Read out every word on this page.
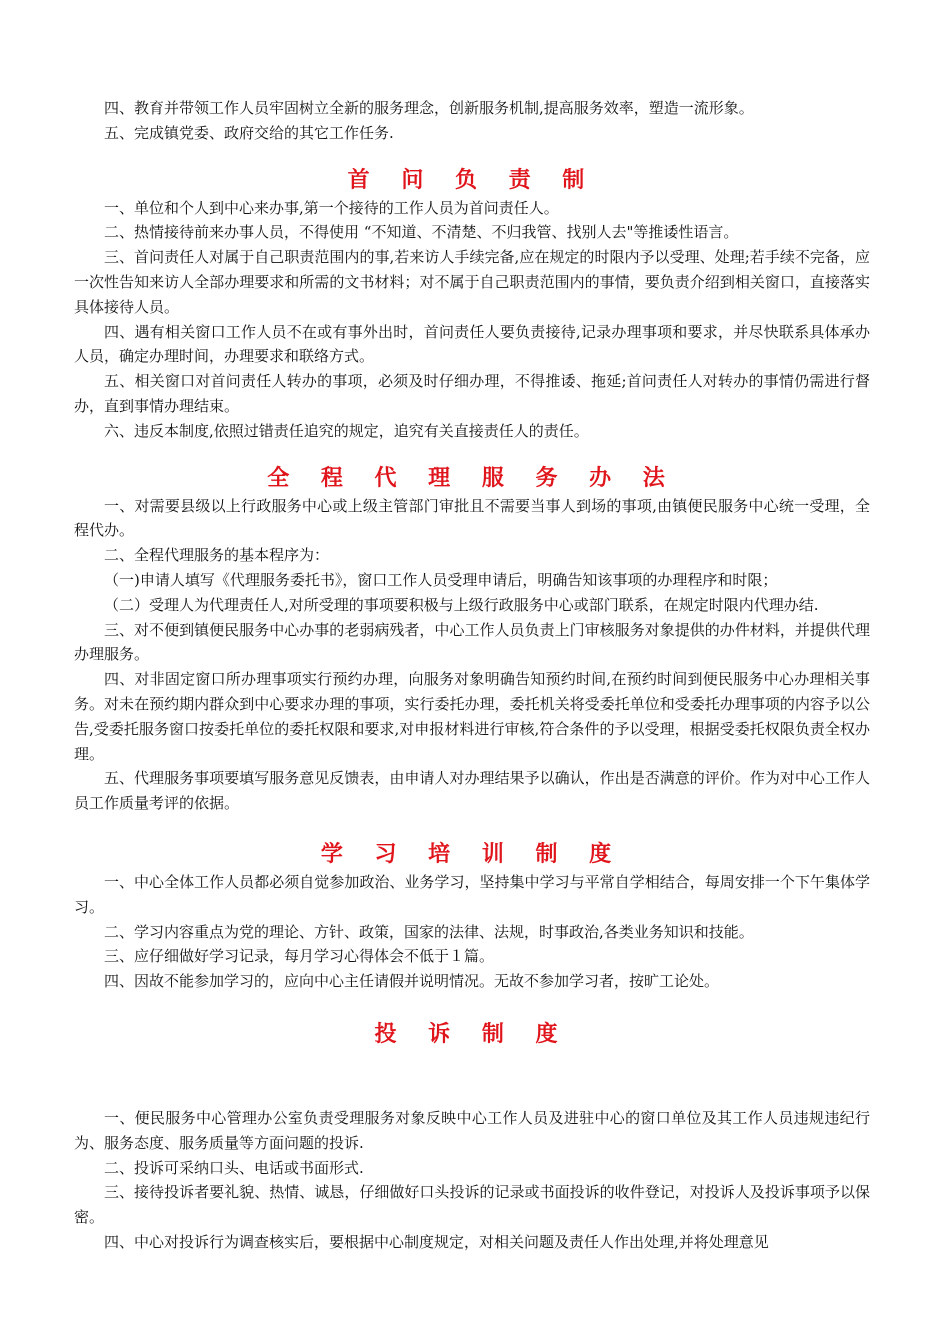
四、教育并带领工作人员牢固树立全新的服务理念，创新服务机制,提高服务效率，塑造一流形象。

五、完成镇党委、政府交给的其它工作任务.

首 问 负 责 制

一、单位和个人到中心来办事,第一个接待的工作人员为首问责任人。

二、热情接待前来办事人员，不得使用 “不知道、不清楚、不归我管、找别人去"等推诿性语言。

三、首问责任人对属于自己职责范围内的事,若来访人手续完备,应在规定的时限内予以受理、处理;若手续不完备，应一次性告知来访人全部办理要求和所需的文书材料；对不属于自己职责范围内的事情，要负责介绍到相关窗口，直接落实具体接待人员。

四、遇有相关窗口工作人员不在或有事外出时，首问责任人要负责接待,记录办理事项和要求，并尽快联系具体承办人员，确定办理时间，办理要求和联络方式。

五、相关窗口对首问责任人转办的事项，必须及时仔细办理，不得推诿、拖延;首问责任人对转办的事情仍需进行督办，直到事情办理结束。

六、违反本制度,依照过错责任追究的规定，追究有关直接责任人的责任。

全 程 代 理 服 务 办 法

一、对需要县级以上行政服务中心或上级主管部门审批且不需要当事人到场的事项,由镇便民服务中心统一受理，全程代办。

二、全程代理服务的基本程序为：

（一)申请人填写《代理服务委托书》，窗口工作人员受理申请后，明确告知该事项的办理程序和时限；

（二）受理人为代理责任人,对所受理的事项要积极与上级行政服务中心或部门联系，在规定时限内代理办结.

三、对不便到镇便民服务中心办事的老弱病残者，中心工作人员负责上门审核服务对象提供的办件材料，并提供代理办理服务。

四、对非固定窗口所办理事项实行预约办理，向服务对象明确告知预约时间,在预约时间到便民服务中心办理相关事务。对未在预约期内群众到中心要求办理的事项，实行委托办理，委托机关将受委托单位和受委托办理事项的内容予以公告,受委托服务窗口按委托单位的委托权限和要求,对申报材料进行审核,符合条件的予以受理，根据受委托权限负责全权办理。

五、代理服务事项要填写服务意见反馈表，由申请人对办理结果予以确认，作出是否满意的评价。作为对中心工作人员工作质量考评的依据。

学 习 培 训 制 度

一、中心全体工作人员都必须自觉参加政治、业务学习，坚持集中学习与平常自学相结合，每周安排一个下午集体学习。

二、学习内容重点为党的理论、方针、政策，国家的法律、法规，时事政治,各类业务知识和技能。

三、应仔细做好学习记录，每月学习心得体会不低于１篇。

四、因故不能参加学习的，应向中心主任请假并说明情况。无故不参加学习者，按旷工论处。

投 诉 制 度

一、便民服务中心管理办公室负责受理服务对象反映中心工作人员及进驻中心的窗口单位及其工作人员违规违纪行为、服务态度、服务质量等方面问题的投诉.

二、投诉可采纳口头、电话或书面形式.

三、接待投诉者要礼貌、热情、诚恳，仔细做好口头投诉的记录或书面投诉的收件登记，对投诉人及投诉事项予以保密。

四、中心对投诉行为调查核实后，要根据中心制度规定，对相关问题及责任人作出处理,并将处理意见
